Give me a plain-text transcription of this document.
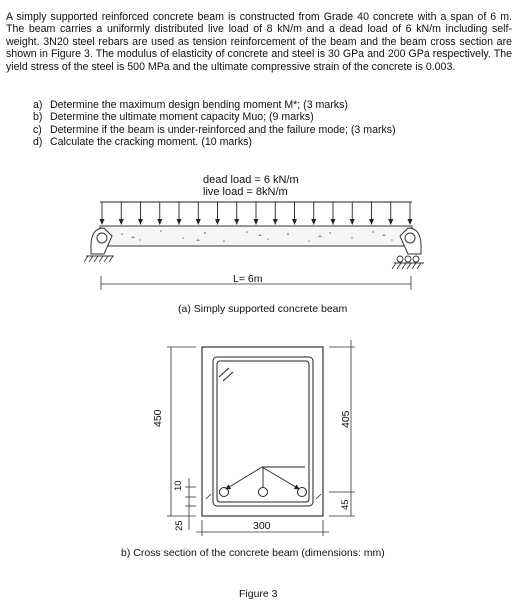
A simply supported reinforced concrete beam is constructed from Grade 40 concrete with a span of 6 m. The beam carries a uniformly distributed live load of 8 kN/m and a dead load of 6 kN/m including self-weight. 3N20 steel rebars are used as tension reinforcement of the beam and the beam cross section are shown in Figure 3. The modulus of elasticity of concrete and steel is 30 GPa and 200 GPa respectively. The yield stress of the steel is 500 MPa and the ultimate compressive strain of the concrete is 0.003.
a) Determine the maximum design bending moment M*; (3 marks)
b) Determine the ultimate moment capacity Muo; (9 marks)
c) Determine if the beam is under-reinforced and the failure mode; (3 marks)
d) Calculate the cracking moment. (10 marks)
dead load = 6 kN/m
live load = 8kN/m
L= 6m
(a) Simply supported concrete beam
450	405
10
25
45
300
b) Cross section of the concrete beam (dimensions: mm)
Figure 3
